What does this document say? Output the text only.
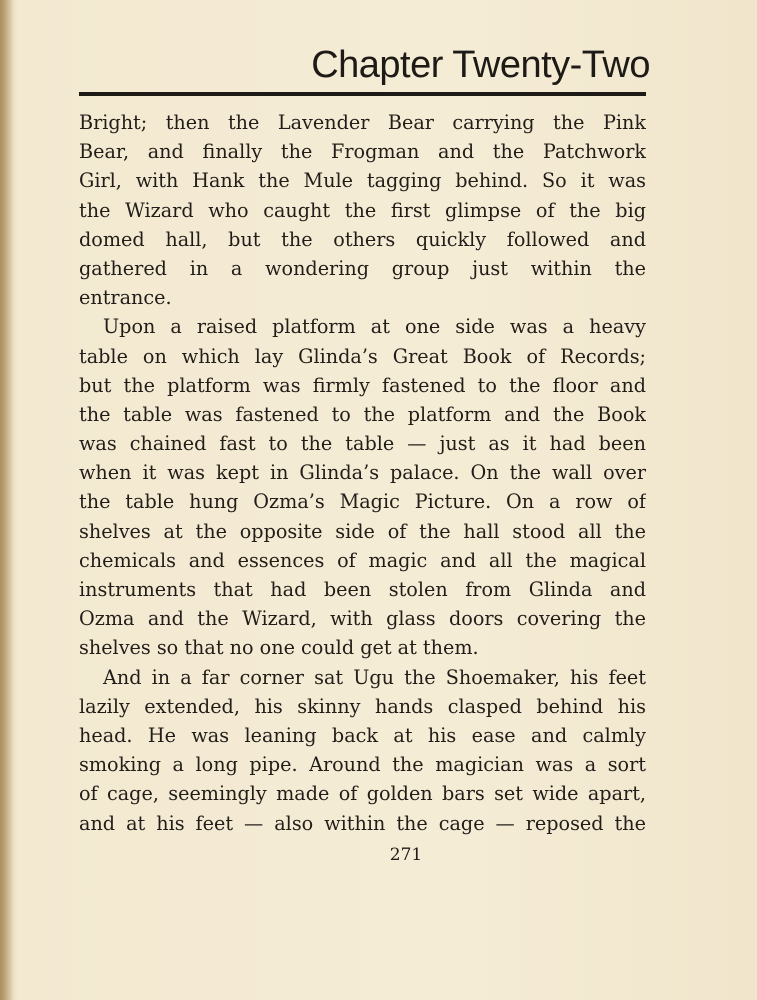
Chapter Twenty-Two
Bright; then the Lavender Bear carrying the Pink
Bear, and finally the Frogman and the Patchwork
Girl, with Hank the Mule tagging behind. So it was
the Wizard who caught the first glimpse of the big
domed hall, but the others quickly followed and
gathered in a wondering group just within the
entrance.
Upon a raised platform at one side was a heavy
table on which lay Glinda’s Great Book of Records;
but the platform was firmly fastened to the floor and
the table was fastened to the platform and the Book
was chained fast to the table — just as it had been
when it was kept in Glinda’s palace. On the wall over
the table hung Ozma’s Magic Picture. On a row of
shelves at the opposite side of the hall stood all the
chemicals and essences of magic and all the magical
instruments that had been stolen from Glinda and
Ozma and the Wizard, with glass doors covering the
shelves so that no one could get at them.
And in a far corner sat Ugu the Shoemaker, his feet
lazily extended, his skinny hands clasped behind his
head. He was leaning back at his ease and calmly
smoking a long pipe. Around the magician was a sort
of cage, seemingly made of golden bars set wide apart,
and at his feet — also within the cage — reposed the
271
